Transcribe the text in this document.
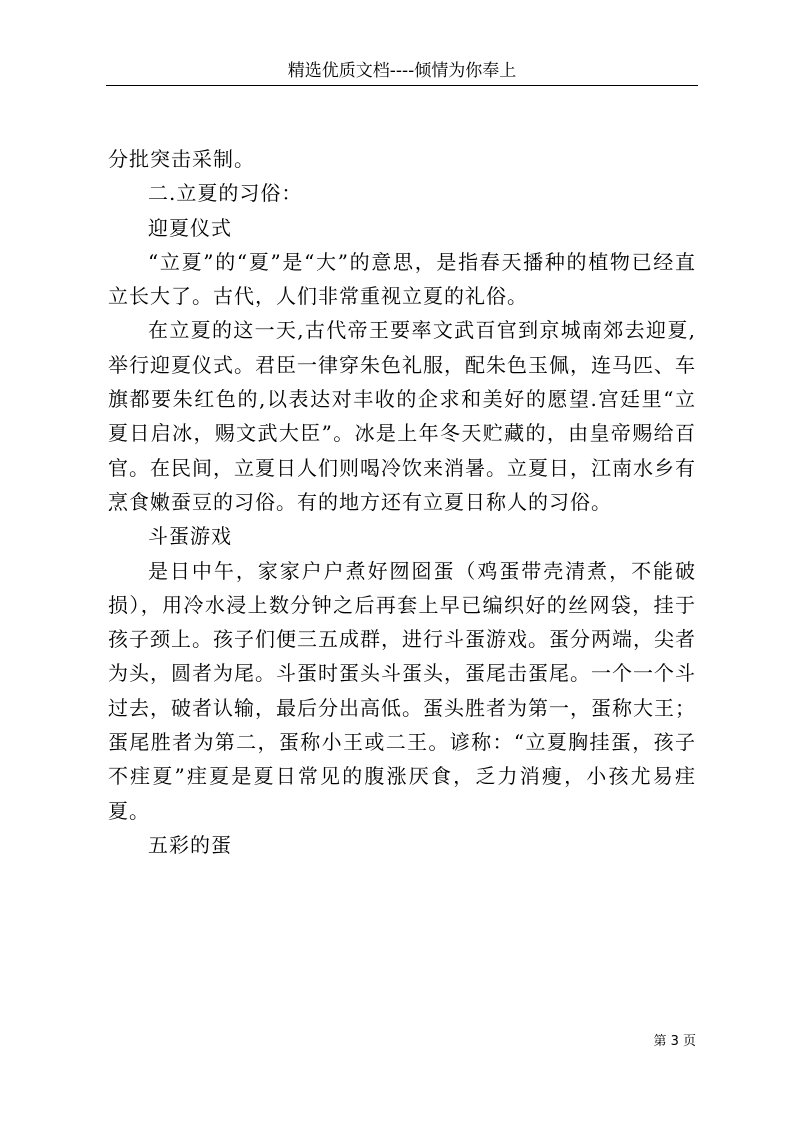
精选优质文档----倾情为你奉上

分批突击采制。

二.立夏的习俗：

迎夏仪式

“立夏”的“夏”是“大”的意思，是指春天播种的植物已经直立长大了。古代，人们非常重视立夏的礼俗。

在立夏的这一天,古代帝王要率文武百官到京城南郊去迎夏,举行迎夏仪式。君臣一律穿朱色礼服，配朱色玉佩，连马匹、车旗都要朱红色的,以表达对丰收的企求和美好的愿望.宫廷里“立夏日启冰，赐文武大臣”。冰是上年冬天贮藏的，由皇帝赐给百官。在民间，立夏日人们则喝冷饮来消暑。立夏日，江南水乡有烹食嫩蚕豆的习俗。有的地方还有立夏日称人的习俗。

斗蛋游戏

是日中午，家家户户煮好囫囵蛋（鸡蛋带壳清煮，不能破损），用冷水浸上数分钟之后再套上早已编织好的丝网袋，挂于孩子颈上。孩子们便三五成群，进行斗蛋游戏。蛋分两端，尖者为头，圆者为尾。斗蛋时蛋头斗蛋头，蛋尾击蛋尾。一个一个斗过去，破者认输，最后分出高低。蛋头胜者为第一，蛋称大王；蛋尾胜者为第二，蛋称小王或二王。谚称：“立夏胸挂蛋，孩子不疰夏”疰夏是夏日常见的腹涨厌食，乏力消瘦，小孩尤易疰夏。

五彩的蛋

第 3 页
